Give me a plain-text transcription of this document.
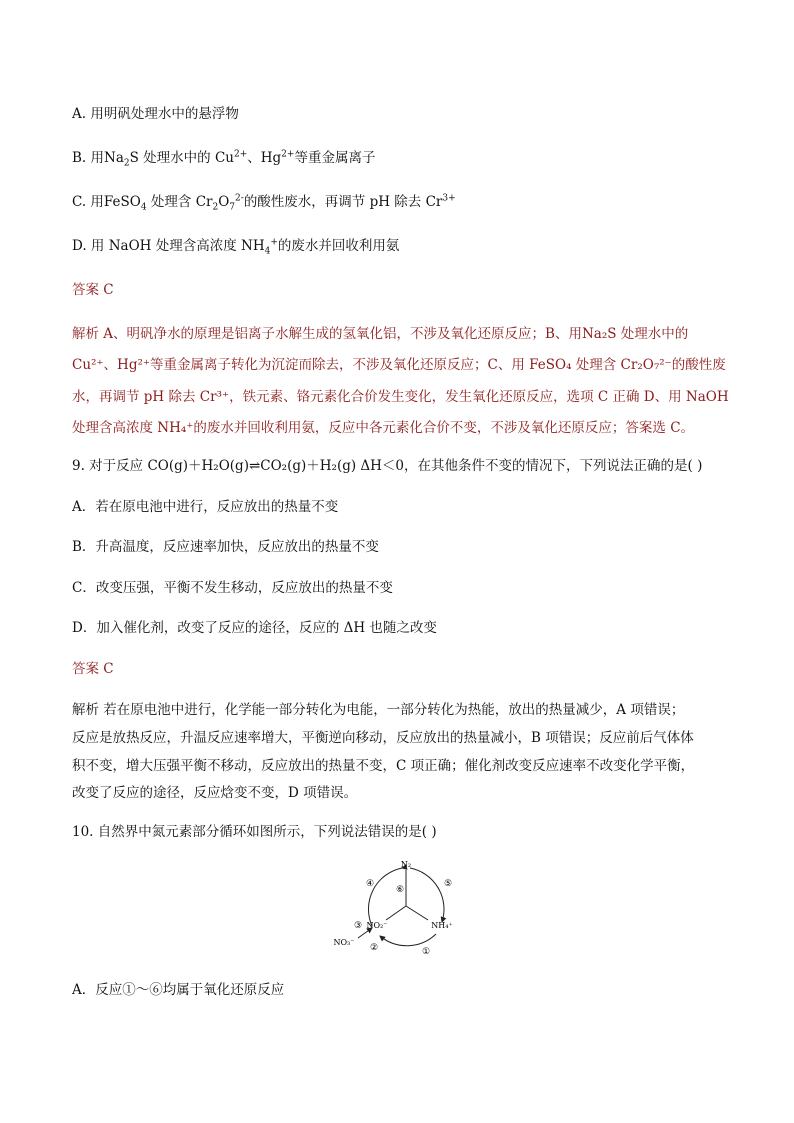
A. 用明矾处理水中的悬浮物
B. 用$Na_2S$ 处理水中的 $Cu^{2+}$、$Hg^{2+}$等重金属离子
C. 用FeSO$_4$ 处理含 $Cr_2O_7^{2-}$的酸性废水，再调节 pH 除去 $Cr^{3+}$
D. 用 NaOH 处理含高浓度 $NH_4^+$的废水并回收利用氨
答案 C
解析 A、明矾净水的原理是铝离子水解生成的氢氧化铝，不涉及氧化还原反应；B、用Na₂S 处理水中的
Cu²⁺、Hg²⁺等重金属离子转化为沉淀而除去，不涉及氧化还原反应；C、用 FeSO₄ 处理含 Cr₂O₇²⁻的酸性废
水，再调节 pH 除去 Cr³⁺，铁元素、铬元素化合价发生变化，发生氧化还原反应，选项 C 正确 D、用 NaOH
处理含高浓度 NH₄⁺的废水并回收利用氨，反应中各元素化合价不变，不涉及氧化还原反应；答案选 C。
9. 对于反应 CO(g)＋H₂O(g)⇌CO₂(g)＋H₂(g) ΔH＜0，在其他条件不变的情况下，下列说法正确的是( )
A．若在原电池中进行，反应放出的热量不变
B．升高温度，反应速率加快，反应放出的热量不变
C．改变压强，平衡不发生移动，反应放出的热量不变
D．加入催化剂，改变了反应的途径，反应的 ΔH 也随之改变
答案 C
解析 若在原电池中进行，化学能一部分转化为电能，一部分转化为热能，放出的热量减少，A 项错误；
反应是放热反应，升温反应速率增大，平衡逆向移动，反应放出的热量减小，B 项错误；反应前后气体体
积不变，增大压强平衡不移动，反应放出的热量不变，C 项正确；催化剂改变反应速率不改变化学平衡，
改变了反应的途径，反应焓变不变，D 项错误。
10. 自然界中氮元素部分循环如图所示，下列说法错误的是( )
N₂
NO₂⁻
NO₃⁻
NH₄⁺
④	⑤
⑥
③
②	①
A．反应①～⑥均属于氧化还原反应
